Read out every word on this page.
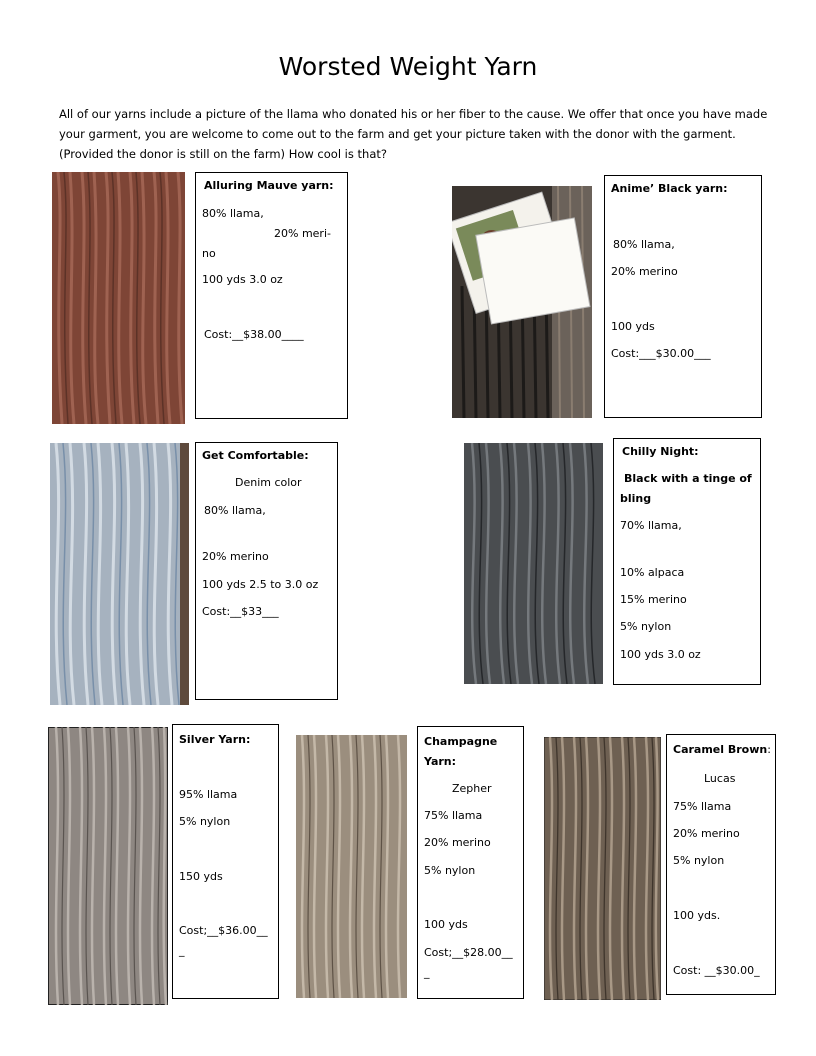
Worsted Weight Yarn
All of our yarns include a picture of the llama who donated his or her fiber to the cause. We offer that once you have made your garment, you are welcome to come out to the farm and get your picture taken with the donor with the garment. (Provided the donor is still on the farm) How cool is that?
Alluring Mauve yarn:
80% llama,
20% meri-
no
100 yds 3.0 oz
Cost:__$38.00____
Anime’ Black yarn:
80% llama,
20% merino
100 yds
Cost:___$30.00___
Get Comfortable:
Denim color
80% llama,
20% merino
100 yds 2.5 to 3.0 oz
Cost:__$33___
Chilly Night:
Black with a tinge of
bling
70% llama,
10% alpaca
15% merino
5% nylon
100 yds 3.0 oz
Silver Yarn:
95% llama
5% nylon
150 yds
Cost;__$36.00__
_
Champagne
Yarn:
Zepher
75% llama
20% merino
5% nylon
100 yds
Cost;__$28.00__
_
Caramel Brown:
Lucas
75% llama
20% merino
5% nylon
100 yds.
Cost: __$30.00_
